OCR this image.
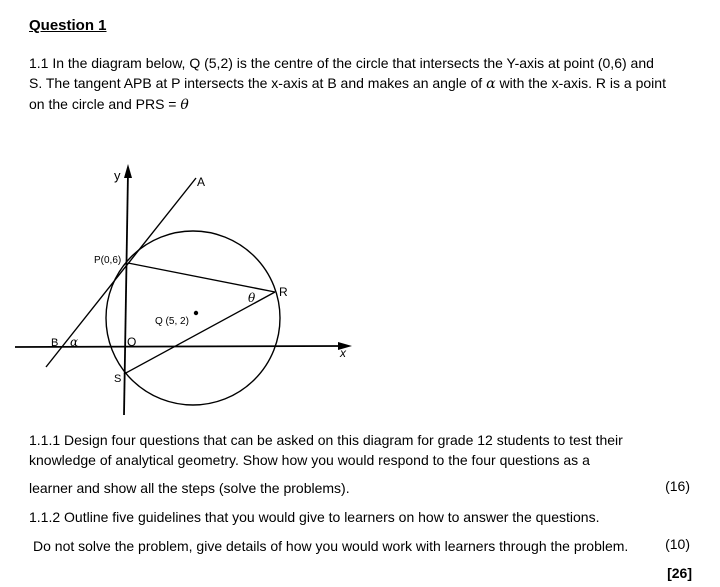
Question 1
1.1 In the diagram below, Q (5,2) is the centre of the circle that intersects the Y-axis at point (0,6) and S. The tangent APB at P intersects the x-axis at B and makes an angle of α with the x-axis. R is a point on the circle and PRS = θ
y	A
P(0,6)
R
θ
Q (5, 2)
B α	O
S
x
1.1.1 Design four questions that can be asked on this diagram for grade 12 students to test their
knowledge of analytical geometry. Show how you would respond to the four questions as a
learner and show all the steps (solve the problems).	(16)
1.1.2 Outline five guidelines that you would give to learners on how to answer the questions.
Do not solve the problem, give details of how you would work with learners through the problem.	(10)
[26]
